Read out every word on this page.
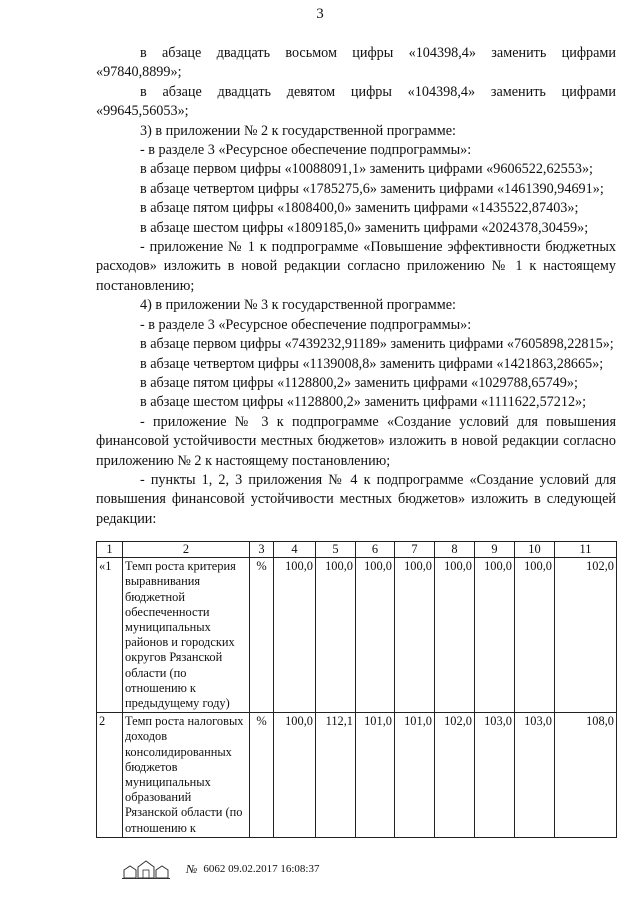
3

в абзаце двадцать восьмом цифры «104398,4» заменить цифрами «97840,8899»;

в абзаце двадцать девятом цифры «104398,4» заменить цифрами «99645,56053»;

3) в приложении № 2 к государственной программе:

- в разделе 3 «Ресурсное обеспечение подпрограммы»:

в абзаце первом цифры «10088091,1» заменить цифрами «9606522,62553»;

в абзаце четвертом цифры «1785275,6» заменить цифрами «1461390,94691»;

в абзаце пятом цифры «1808400,0» заменить цифрами «1435522,87403»;

в абзаце шестом цифры «1809185,0» заменить цифрами «2024378,30459»;

- приложение № 1 к подпрограмме «Повышение эффективности бюджетных расходов» изложить в новой редакции согласно приложению № 1 к настоящему постановлению;

4) в приложении № 3 к государственной программе:

- в разделе 3 «Ресурсное обеспечение подпрограммы»:

в абзаце первом цифры «7439232,91189» заменить цифрами «7605898,22815»;

в абзаце четвертом цифры «1139008,8» заменить цифрами «1421863,28665»;

в абзаце пятом цифры «1128800,2» заменить цифрами «1029788,65749»;

в абзаце шестом цифры «1128800,2» заменить цифрами «1111622,57212»;

- приложение № 3 к подпрограмме «Создание условий для повышения финансовой устойчивости местных бюджетов» изложить в новой редакции согласно приложению № 2 к настоящему постановлению;

- пункты 1, 2, 3 приложения № 4 к подпрограмме «Создание условий для повышения финансовой устойчивости местных бюджетов» изложить в следующей редакции:

1	2	3	4	5	6	7	8	9	10	11
«1	Темп роста критерия выравнивания бюджетной обеспеченности муниципальных районов и городских округов Рязанской области (по отношению к предыдущему году)	%	100,0	100,0	100,0	100,0	100,0	100,0	100,0	102,0
2	Темп роста налоговых доходов консолидированных бюджетов муниципальных образований Рязанской области (по отношению к	%	100,0	112,1	101,0	101,0	102,0	103,0	103,0	108,0
№ 6062 09.02.2017 16:08:37
